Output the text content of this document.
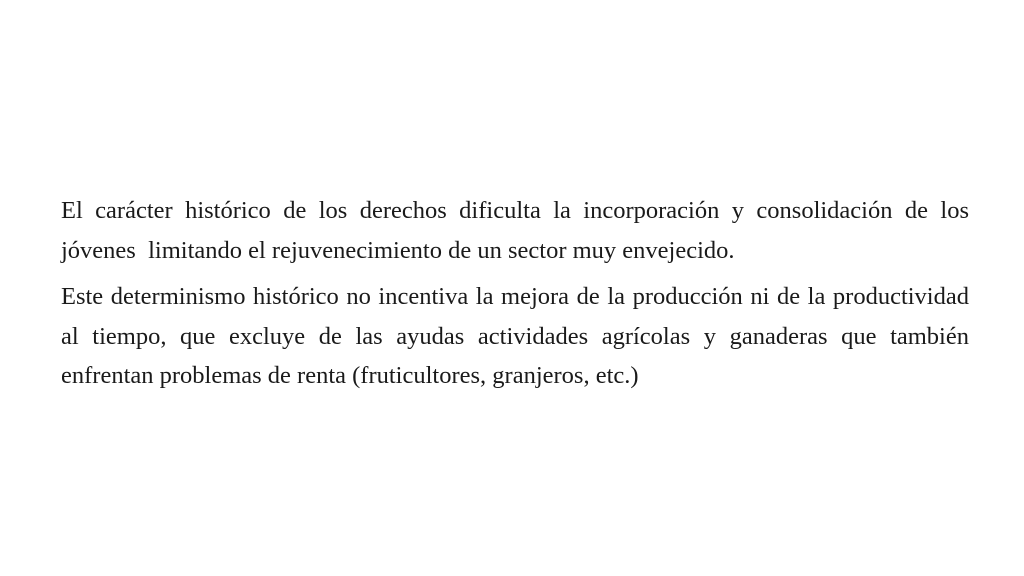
El carácter histórico de los derechos dificulta la incorporación y consolidación de los jóvenes  limitando el rejuvenecimiento de un sector muy envejecido.

Este determinismo histórico no incentiva la mejora de la producción ni de la productividad al tiempo, que excluye de las ayudas actividades agrícolas y ganaderas que también enfrentan problemas de renta (fruticultores, granjeros, etc.)
